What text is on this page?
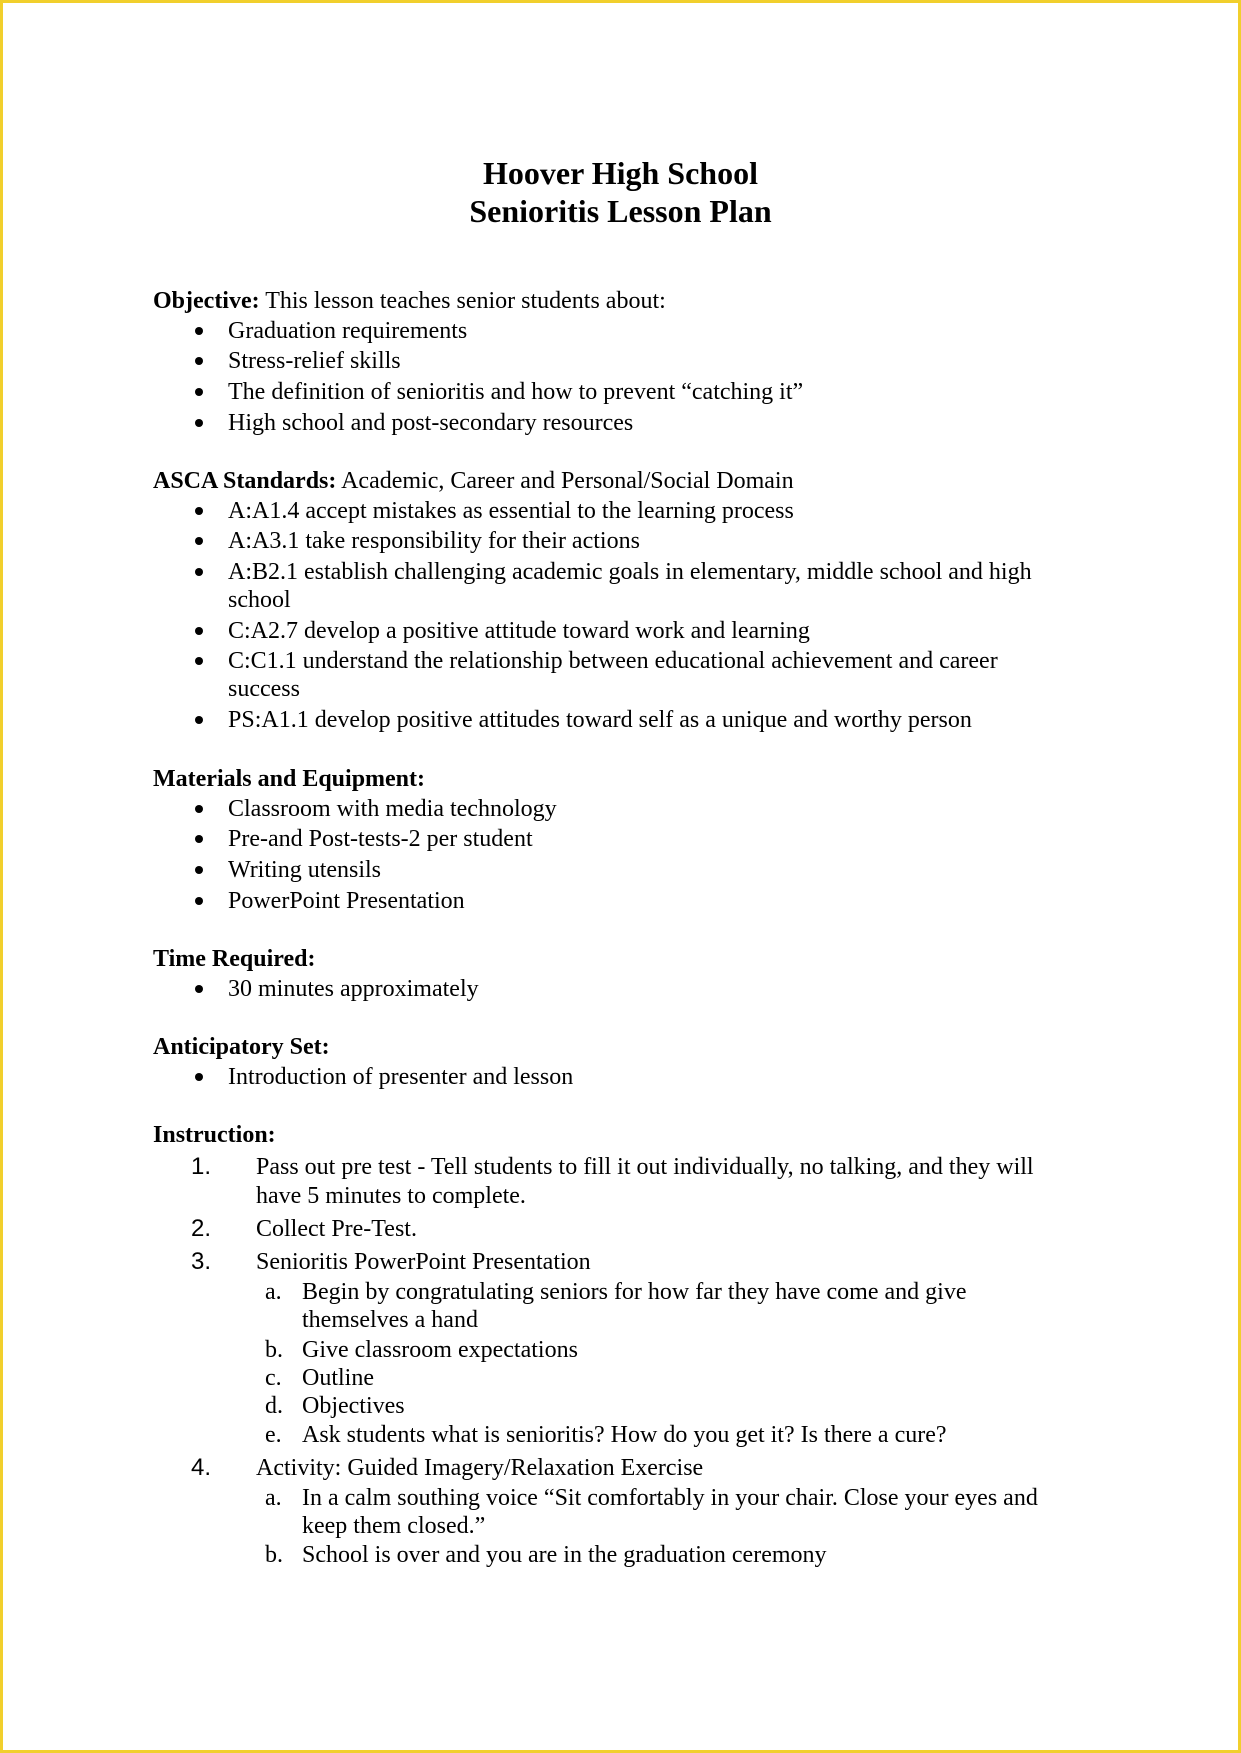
Hoover High School
Senioritis Lesson Plan
Objective: This lesson teaches senior students about:
Graduation requirements
Stress-relief skills
The definition of senioritis and how to prevent “catching it”
High school and post-secondary resources
ASCA Standards: Academic, Career and Personal/Social Domain
A:A1.4 accept mistakes as essential to the learning process
A:A3.1 take responsibility for their actions
A:B2.1 establish challenging academic goals in elementary, middle school and high
school
C:A2.7 develop a positive attitude toward work and learning
C:C1.1 understand the relationship between educational achievement and career
success
PS:A1.1 develop positive attitudes toward self as a unique and worthy person
Materials and Equipment:
Classroom with media technology
Pre-and Post-tests-2 per student
Writing utensils
PowerPoint Presentation
Time Required:
30 minutes approximately
Anticipatory Set:
Introduction of presenter and lesson
Instruction:
1. Pass out pre test - Tell students to fill it out individually, no talking, and they will
have 5 minutes to complete.
2. Collect Pre-Test.
3. Senioritis PowerPoint Presentation
a. Begin by congratulating seniors for how far they have come and give
themselves a hand
b. Give classroom expectations
c. Outline
d. Objectives
e. Ask students what is senioritis? How do you get it? Is there a cure?
4. Activity: Guided Imagery/Relaxation Exercise
a. In a calm southing voice “Sit comfortably in your chair. Close your eyes and
keep them closed.”
b. School is over and you are in the graduation ceremony
